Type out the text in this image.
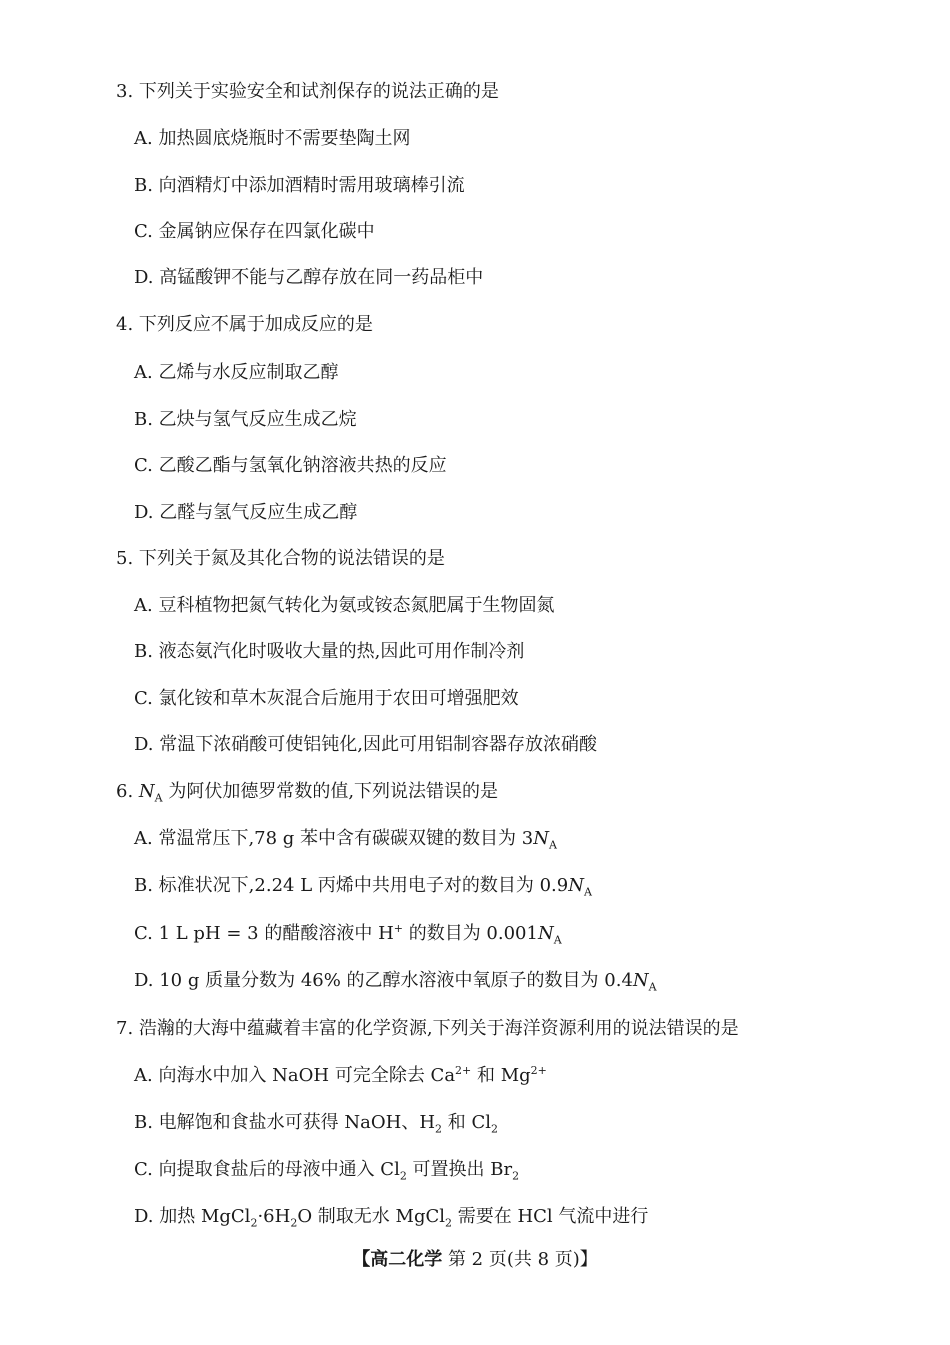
3. 下列关于实验安全和试剂保存的说法正确的是
A. 加热圆底烧瓶时不需要垫陶土网
B. 向酒精灯中添加酒精时需用玻璃棒引流
C. 金属钠应保存在四氯化碳中
D. 高锰酸钾不能与乙醇存放在同一药品柜中
4. 下列反应不属于加成反应的是
A. 乙烯与水反应制取乙醇
B. 乙炔与氢气反应生成乙烷
C. 乙酸乙酯与氢氧化钠溶液共热的反应
D. 乙醛与氢气反应生成乙醇
5. 下列关于氮及其化合物的说法错误的是
A. 豆科植物把氮气转化为氨或铵态氮肥属于生物固氮
B. 液态氨汽化时吸收大量的热,因此可用作制冷剂
C. 氯化铵和草木灰混合后施用于农田可增强肥效
D. 常温下浓硝酸可使铝钝化,因此可用铝制容器存放浓硝酸
6. $N_A$ 为阿伏加德罗常数的值,下列说法错误的是
A. 常温常压下,78 g 苯中含有碳碳双键的数目为 $3N_A$
B. 标准状况下,2.24 L 丙烯中共用电子对的数目为 $0.9N_A$
C. 1 L pH = 3 的醋酸溶液中 H+ 的数目为 $0.001N_A$
D. 10 g 质量分数为 46% 的乙醇水溶液中氧原子的数目为 $0.4N_A$
7. 浩瀚的大海中蕴藏着丰富的化学资源,下列关于海洋资源利用的说法错误的是
A. 向海水中加入 NaOH 可完全除去 $Ca^{2+}$ 和 $Mg^{2+}$
B. 电解饱和食盐水可获得 NaOH、$H_2$ 和 $Cl_2$
C. 向提取食盐后的母液中通入 $Cl_2$ 可置换出 $Br_2$
D. 加热 $MgCl_2\cdot 6H_2O$ 制取无水 MgCl$_2$ 需要在 HCl 气流中进行
【高二化学 第 2 页(共 8 页)】
